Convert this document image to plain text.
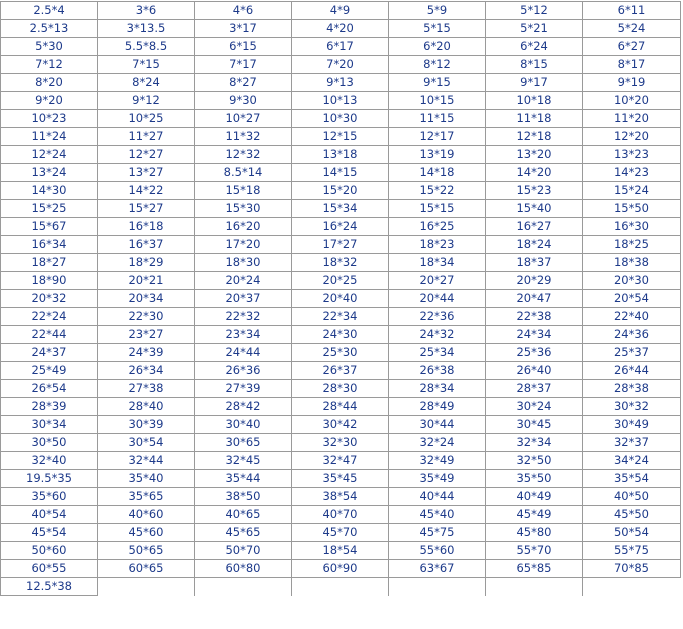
2.5*4	3*6	4*6	4*9	5*9	5*12	6*11
2.5*13	3*13.5	3*17	4*20	5*15	5*21	5*24
5*30	5.5*8.5	6*15	6*17	6*20	6*24	6*27
7*12	7*15	7*17	7*20	8*12	8*15	8*17
8*20	8*24	8*27	9*13	9*15	9*17	9*19
9*20	9*12	9*30	10*13	10*15	10*18	10*20
10*23	10*25	10*27	10*30	11*15	11*18	11*20
11*24	11*27	11*32	12*15	12*17	12*18	12*20
12*24	12*27	12*32	13*18	13*19	13*20	13*23
13*24	13*27	8.5*14	14*15	14*18	14*20	14*23
14*30	14*22	15*18	15*20	15*22	15*23	15*24
15*25	15*27	15*30	15*34	15*15	15*40	15*50
15*67	16*18	16*20	16*24	16*25	16*27	16*30
16*34	16*37	17*20	17*27	18*23	18*24	18*25
18*27	18*29	18*30	18*32	18*34	18*37	18*38
18*90	20*21	20*24	20*25	20*27	20*29	20*30
20*32	20*34	20*37	20*40	20*44	20*47	20*54
22*24	22*30	22*32	22*34	22*36	22*38	22*40
22*44	23*27	23*34	24*30	24*32	24*34	24*36
24*37	24*39	24*44	25*30	25*34	25*36	25*37
25*49	26*34	26*36	26*37	26*38	26*40	26*44
26*54	27*38	27*39	28*30	28*34	28*37	28*38
28*39	28*40	28*42	28*44	28*49	30*24	30*32
30*34	30*39	30*40	30*42	30*44	30*45	30*49
30*50	30*54	30*65	32*30	32*24	32*34	32*37
32*40	32*44	32*45	32*47	32*49	32*50	34*24
19.5*35	35*40	35*44	35*45	35*49	35*50	35*54
35*60	35*65	38*50	38*54	40*44	40*49	40*50
40*54	40*60	40*65	40*70	45*40	45*49	45*50
45*54	45*60	45*65	45*70	45*75	45*80	50*54
50*60	50*65	50*70	18*54	55*60	55*70	55*75
60*55	60*65	60*80	60*90	63*67	65*85	70*85
12.5*38						
